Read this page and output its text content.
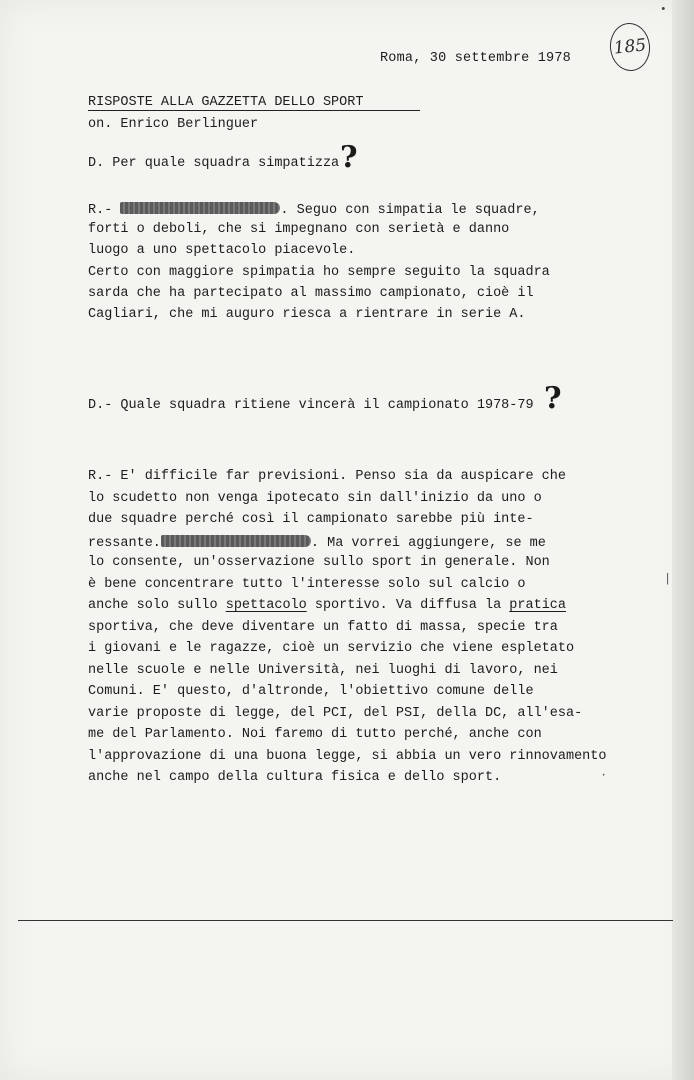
•
Roma, 30 settembre 1978	185
RISPOSTE ALLA GAZZETTA DELLO SPORT
on. Enrico Berlinguer
D. Per quale squadra simpatizza ?
R.-	. Seguo con simpatia le squadre,
forti o deboli, che si impegnano con serietà e danno
luogo a uno spettacolo piacevole.
Certo con maggiore spimpatia ho sempre seguito la squadra
sarda che ha partecipato al massimo campionato, cioè il
Cagliari, che mi auguro riesca a rientrare in serie A.
D.- Quale squadra ritiene vincerà il campionato 1978-79 ?
R.- E' difficile far previsioni. Penso sia da auspicare che
lo scudetto non venga ipotecato sin dall'inizio da uno o
due squadre perché così il campionato sarebbe più inte-
ressante.	. Ma vorrei aggiungere, se me
lo consente, un'osservazione sullo sport in generale. Non
è bene concentrare tutto l'interesse solo sul calcio o
anche solo sullo spettacolo sportivo. Va diffusa la pratica
sportiva, che deve diventare un fatto di massa, specie tra
i giovani e le ragazze, cioè un servizio che viene espletato
nelle scuole e nelle Università, nei luoghi di lavoro, nei
Comuni. E' questo, d'altronde, l'obiettivo comune delle
varie proposte di legge, del PCI, del PSI, della DC, all'esa-
me del Parlamento. Noi faremo di tutto perché, anche con
l'approvazione di una buona legge, si abbia un vero rinnovamento
anche nel campo della cultura fisica e dello sport.
|
·
